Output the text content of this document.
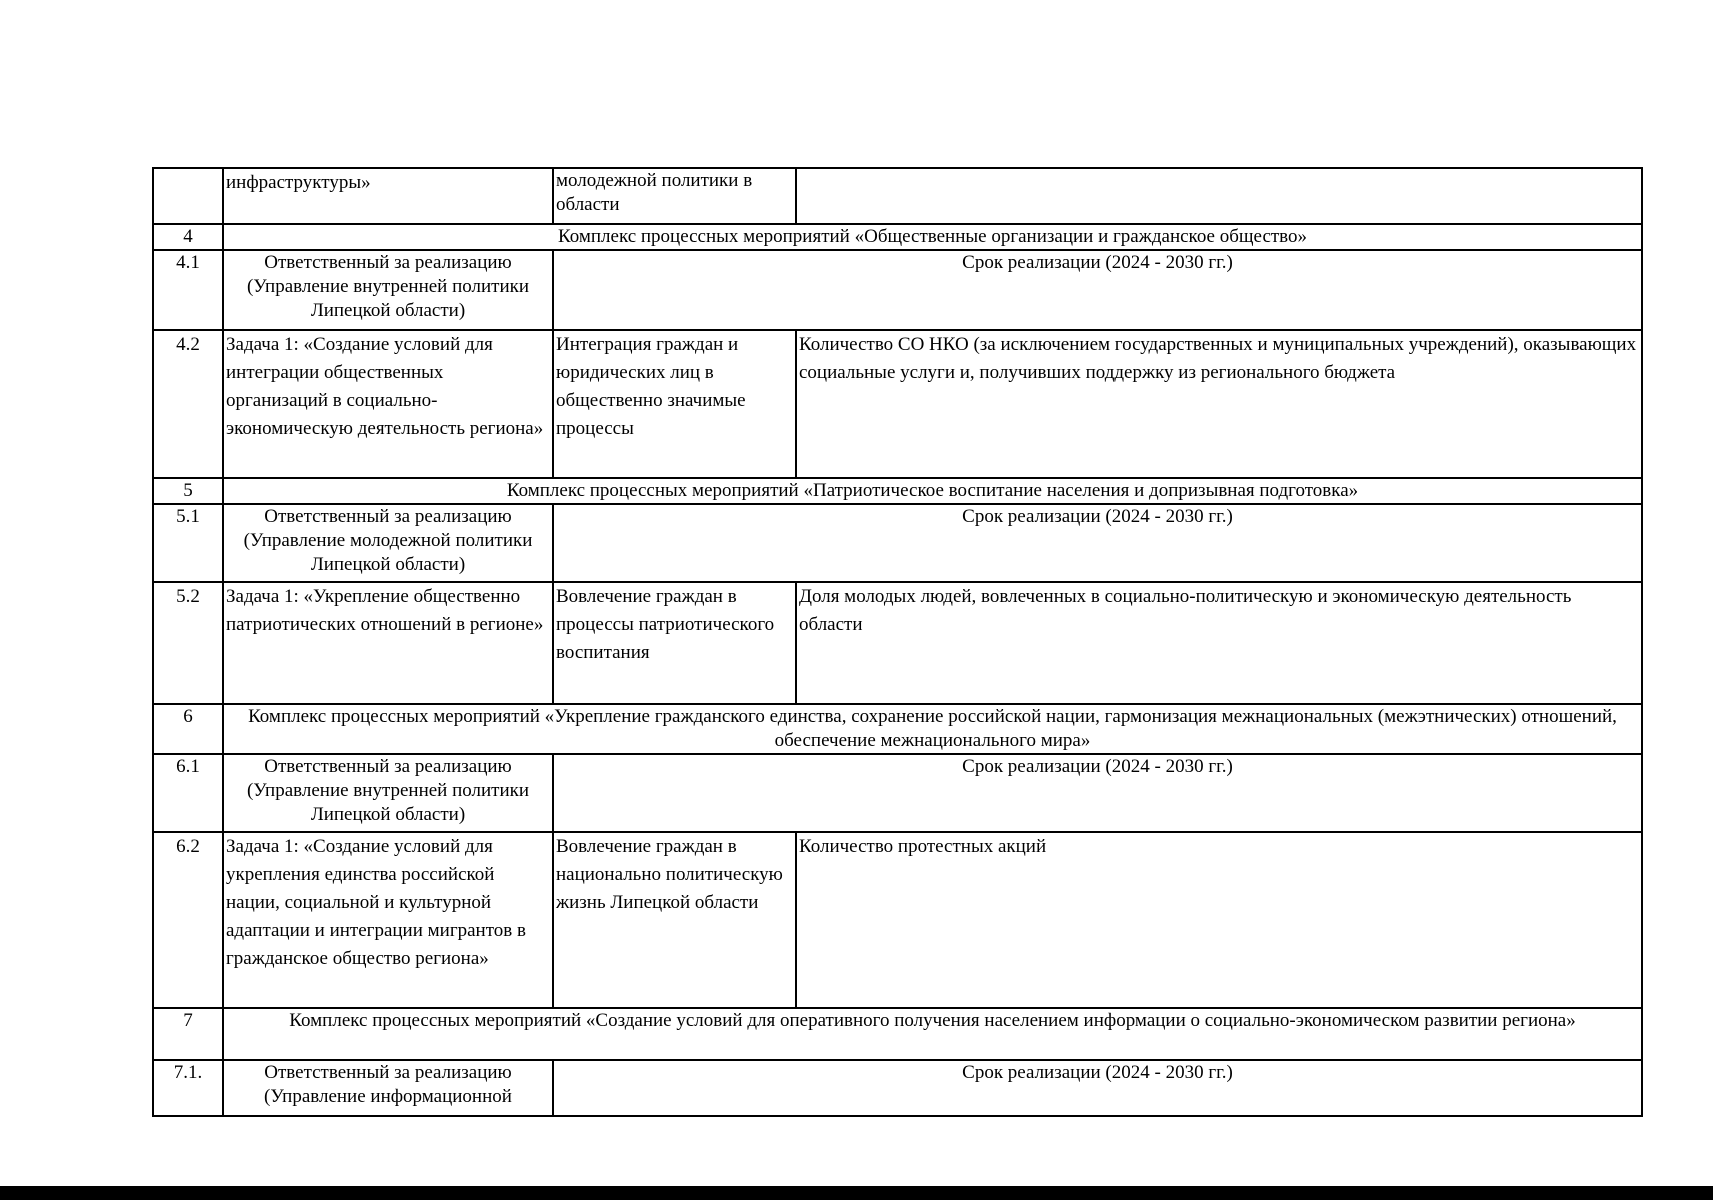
	инфраструктуры»	молодежной политики в области	
4	Комплекс процессных мероприятий «Общественные организации и гражданское общество»		
4.1	Ответственный за реализацию (Управление внутренней политики Липецкой области)	Срок реализации (2024 - 2030 гг.)	
4.2	Задача 1: «Создание условий для интеграции общественных организаций в социально-экономическую деятельность региона»	Интеграция граждан и юридических лиц в общественно значимые процессы	Количество СО НКО (за исключением государственных и муниципальных учреждений), оказывающих социальные услуги и, получивших поддержку из регионального бюджета
5	Комплекс процессных мероприятий «Патриотическое воспитание населения и допризывная подготовка»		
5.1	Ответственный за реализацию (Управление молодежной политики Липецкой области)	Срок реализации (2024 - 2030 гг.)	
5.2	Задача 1: «Укрепление общественно патриотических отношений в регионе»	Вовлечение граждан в процессы патриотического воспитания	Доля молодых людей, вовлеченных в социально-политическую и экономическую деятельность области
6	Комплекс процессных мероприятий «Укрепление гражданского единства, сохранение российской нации, гармонизация межнациональных (межэтнических) отношений, обеспечение межнационального мира»		
6.1	Ответственный за реализацию (Управление внутренней политики Липецкой области)	Срок реализации (2024 - 2030 гг.)	
6.2	Задача 1: «Создание условий для укрепления единства российской нации, социальной и культурной адаптации и интеграции мигрантов в гражданское общество региона»	Вовлечение граждан в национально политическую жизнь Липецкой области	Количество протестных акций
7	Комплекс процессных мероприятий «Создание условий для оперативного получения населением информации о социально-экономическом развитии региона»		
7.1.	Ответственный за реализацию (Управление информационной	Срок реализации (2024 - 2030 гг.)	
